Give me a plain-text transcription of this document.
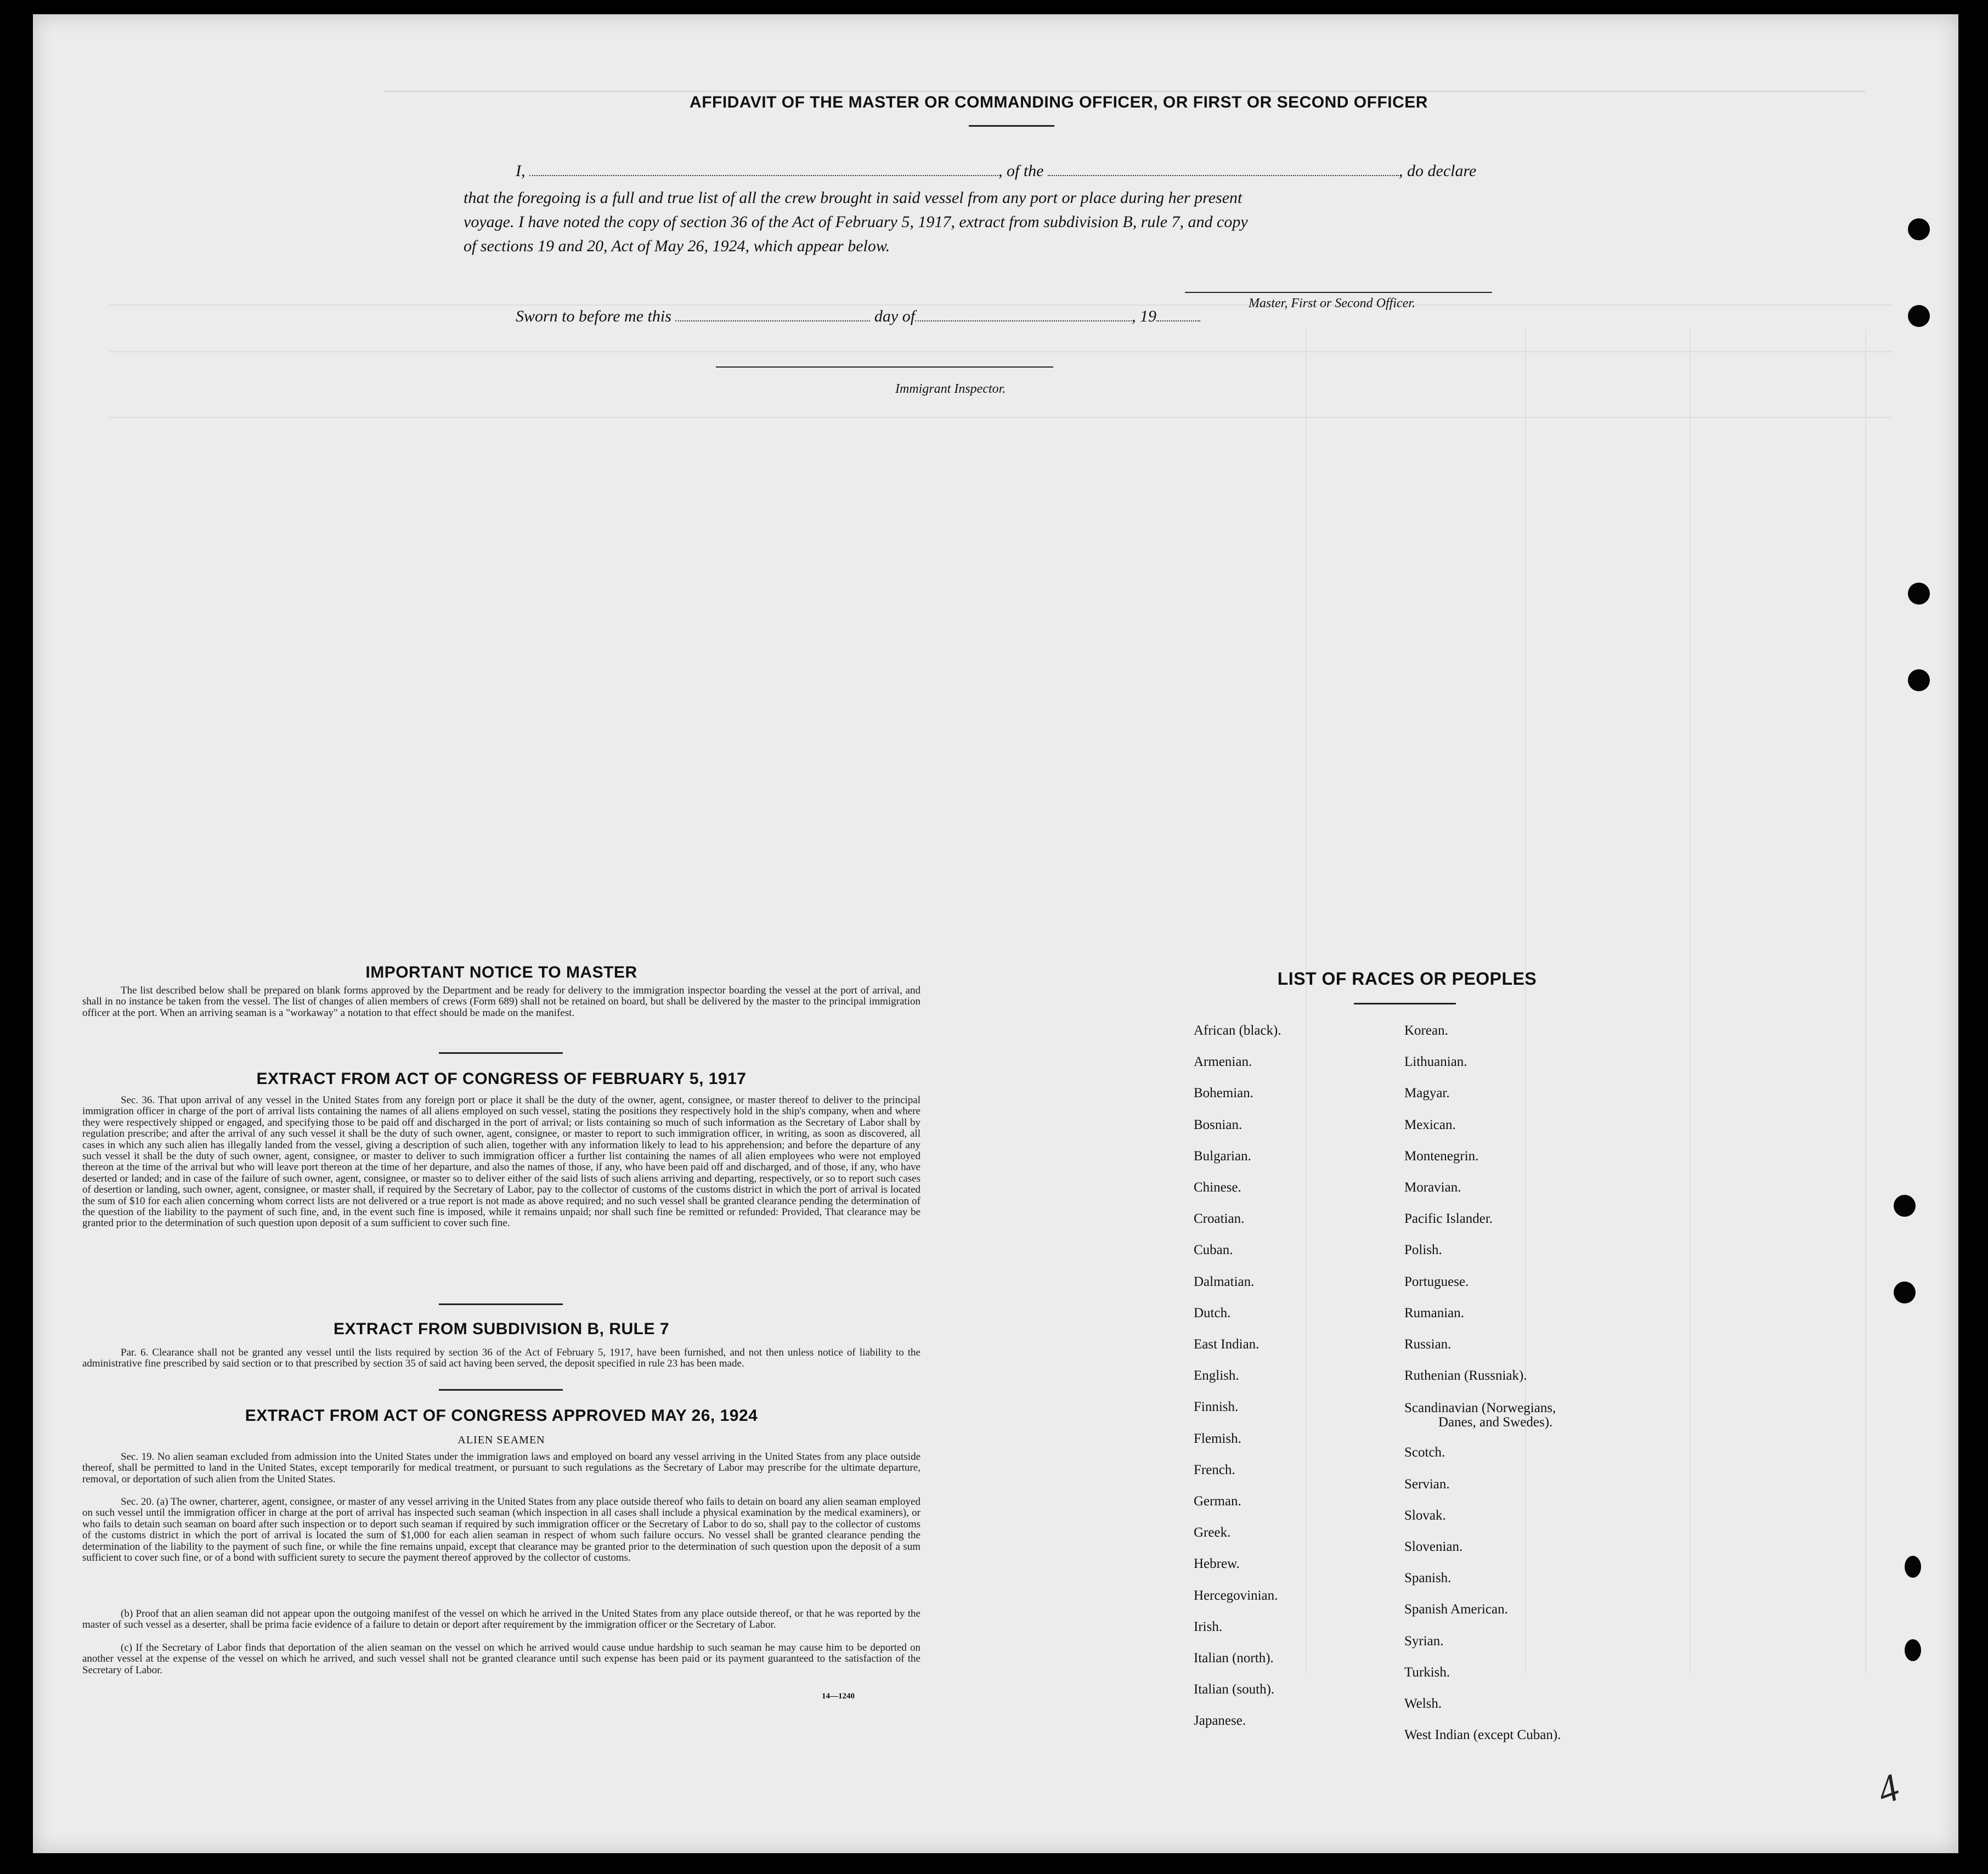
AFFIDAVIT OF THE MASTER OR COMMANDING OFFICER, OR FIRST OR SECOND OFFICER
I,	, of the	, do declare
that the foregoing is a full and true list of all the crew brought in said vessel from any port or place during her present
voyage. I have noted the copy of section 36 of the Act of February 5, 1917, extract from subdivision B, rule 7, and copy
of sections 19 and 20, Act of May 26, 1924, which appear below.
Master, First or Second Officer.
Sworn to before me this	day of	, 19
Immigrant Inspector.
IMPORTANT NOTICE TO MASTER
The list described below shall be prepared on blank forms approved by the Department and be ready for delivery to the immigration inspector boarding the vessel at the port of arrival, and shall in no instance be taken from the vessel. The list of changes of alien members of crews (Form 689) shall not be retained on board, but shall be delivered by the master to the principal immigration officer at the port. When an arriving seaman is a "workaway" a notation to that effect should be made on the manifest.
EXTRACT FROM ACT OF CONGRESS OF FEBRUARY 5, 1917
Sec. 36. That upon arrival of any vessel in the United States from any foreign port or place it shall be the duty of the owner, agent, consignee, or master thereof to deliver to the principal immigration officer in charge of the port of arrival lists containing the names of all aliens employed on such vessel, stating the positions they respectively hold in the ship's company, when and where they were respectively shipped or engaged, and specifying those to be paid off and discharged in the port of arrival; or lists containing so much of such information as the Secretary of Labor shall by regulation prescribe; and after the arrival of any such vessel it shall be the duty of such owner, agent, consignee, or master to report to such immigration officer, in writing, as soon as discovered, all cases in which any such alien has illegally landed from the vessel, giving a description of such alien, together with any information likely to lead to his apprehension; and before the departure of any such vessel it shall be the duty of such owner, agent, consignee, or master to deliver to such immigration officer a further list containing the names of all alien employees who were not employed thereon at the time of the arrival but who will leave port thereon at the time of her departure, and also the names of those, if any, who have been paid off and discharged, and of those, if any, who have deserted or landed; and in case of the failure of such owner, agent, consignee, or master so to deliver either of the said lists of such aliens arriving and departing, respectively, or so to report such cases of desertion or landing, such owner, agent, consignee, or master shall, if required by the Secretary of Labor, pay to the collector of customs of the customs district in which the port of arrival is located the sum of $10 for each alien concerning whom correct lists are not delivered or a true report is not made as above required; and no such vessel shall be granted clearance pending the determination of the question of the liability to the payment of such fine, and, in the event such fine is imposed, while it remains unpaid; nor shall such fine be remitted or refunded: Provided, That clearance may be granted prior to the determination of such question upon deposit of a sum sufficient to cover such fine.
EXTRACT FROM SUBDIVISION B, RULE 7
Par. 6. Clearance shall not be granted any vessel until the lists required by section 36 of the Act of February 5, 1917, have been furnished, and not then unless notice of liability to the administrative fine prescribed by said section or to that prescribed by section 35 of said act having been served, the deposit specified in rule 23 has been made.
EXTRACT FROM ACT OF CONGRESS APPROVED MAY 26, 1924
ALIEN SEAMEN
Sec. 19. No alien seaman excluded from admission into the United States under the immigration laws and employed on board any vessel arriving in the United States from any place outside thereof, shall be permitted to land in the United States, except temporarily for medical treatment, or pursuant to such regulations as the Secretary of Labor may prescribe for the ultimate departure, removal, or deportation of such alien from the United States.
Sec. 20. (a) The owner, charterer, agent, consignee, or master of any vessel arriving in the United States from any place outside thereof who fails to detain on board any alien seaman employed on such vessel until the immigration officer in charge at the port of arrival has inspected such seaman (which inspection in all cases shall include a physical examination by the medical examiners), or who fails to detain such seaman on board after such inspection or to deport such seaman if required by such immigration officer or the Secretary of Labor to do so, shall pay to the collector of customs of the customs district in which the port of arrival is located the sum of $1,000 for each alien seaman in respect of whom such failure occurs. No vessel shall be granted clearance pending the determination of the liability to the payment of such fine, or while the fine remains unpaid, except that clearance may be granted prior to the determination of such question upon the deposit of a sum sufficient to cover such fine, or of a bond with sufficient surety to secure the payment thereof approved by the collector of customs.
(b) Proof that an alien seaman did not appear upon the outgoing manifest of the vessel on which he arrived in the United States from any place outside thereof, or that he was reported by the master of such vessel as a deserter, shall be prima facie evidence of a failure to detain or deport after requirement by the immigration officer or the Secretary of Labor.
(c) If the Secretary of Labor finds that deportation of the alien seaman on the vessel on which he arrived would cause undue hardship to such seaman he may cause him to be deported on another vessel at the expense of the vessel on which he arrived, and such vessel shall not be granted clearance until such expense has been paid or its payment guaranteed to the satisfaction of the Secretary of Labor.
14—1240
LIST OF RACES OR PEOPLES
African (black).
Armenian.
Bohemian.
Bosnian.
Bulgarian.
Chinese.
Croatian.
Cuban.
Dalmatian.
Dutch.
East Indian.
English.
Finnish.
Flemish.
French.
German.
Greek.
Hebrew.
Hercegovinian.
Irish.
Italian (north).
Italian (south).
Japanese.
Korean.
Lithuanian.
Magyar.
Mexican.
Montenegrin.
Moravian.
Pacific Islander.
Polish.
Portuguese.
Rumanian.
Russian.
Ruthenian (Russniak).
Scandinavian (Norwegians,
Danes, and Swedes).
Scotch.
Servian.
Slovak.
Slovenian.
Spanish.
Spanish American.
Syrian.
Turkish.
Welsh.
West Indian (except Cuban).
4
